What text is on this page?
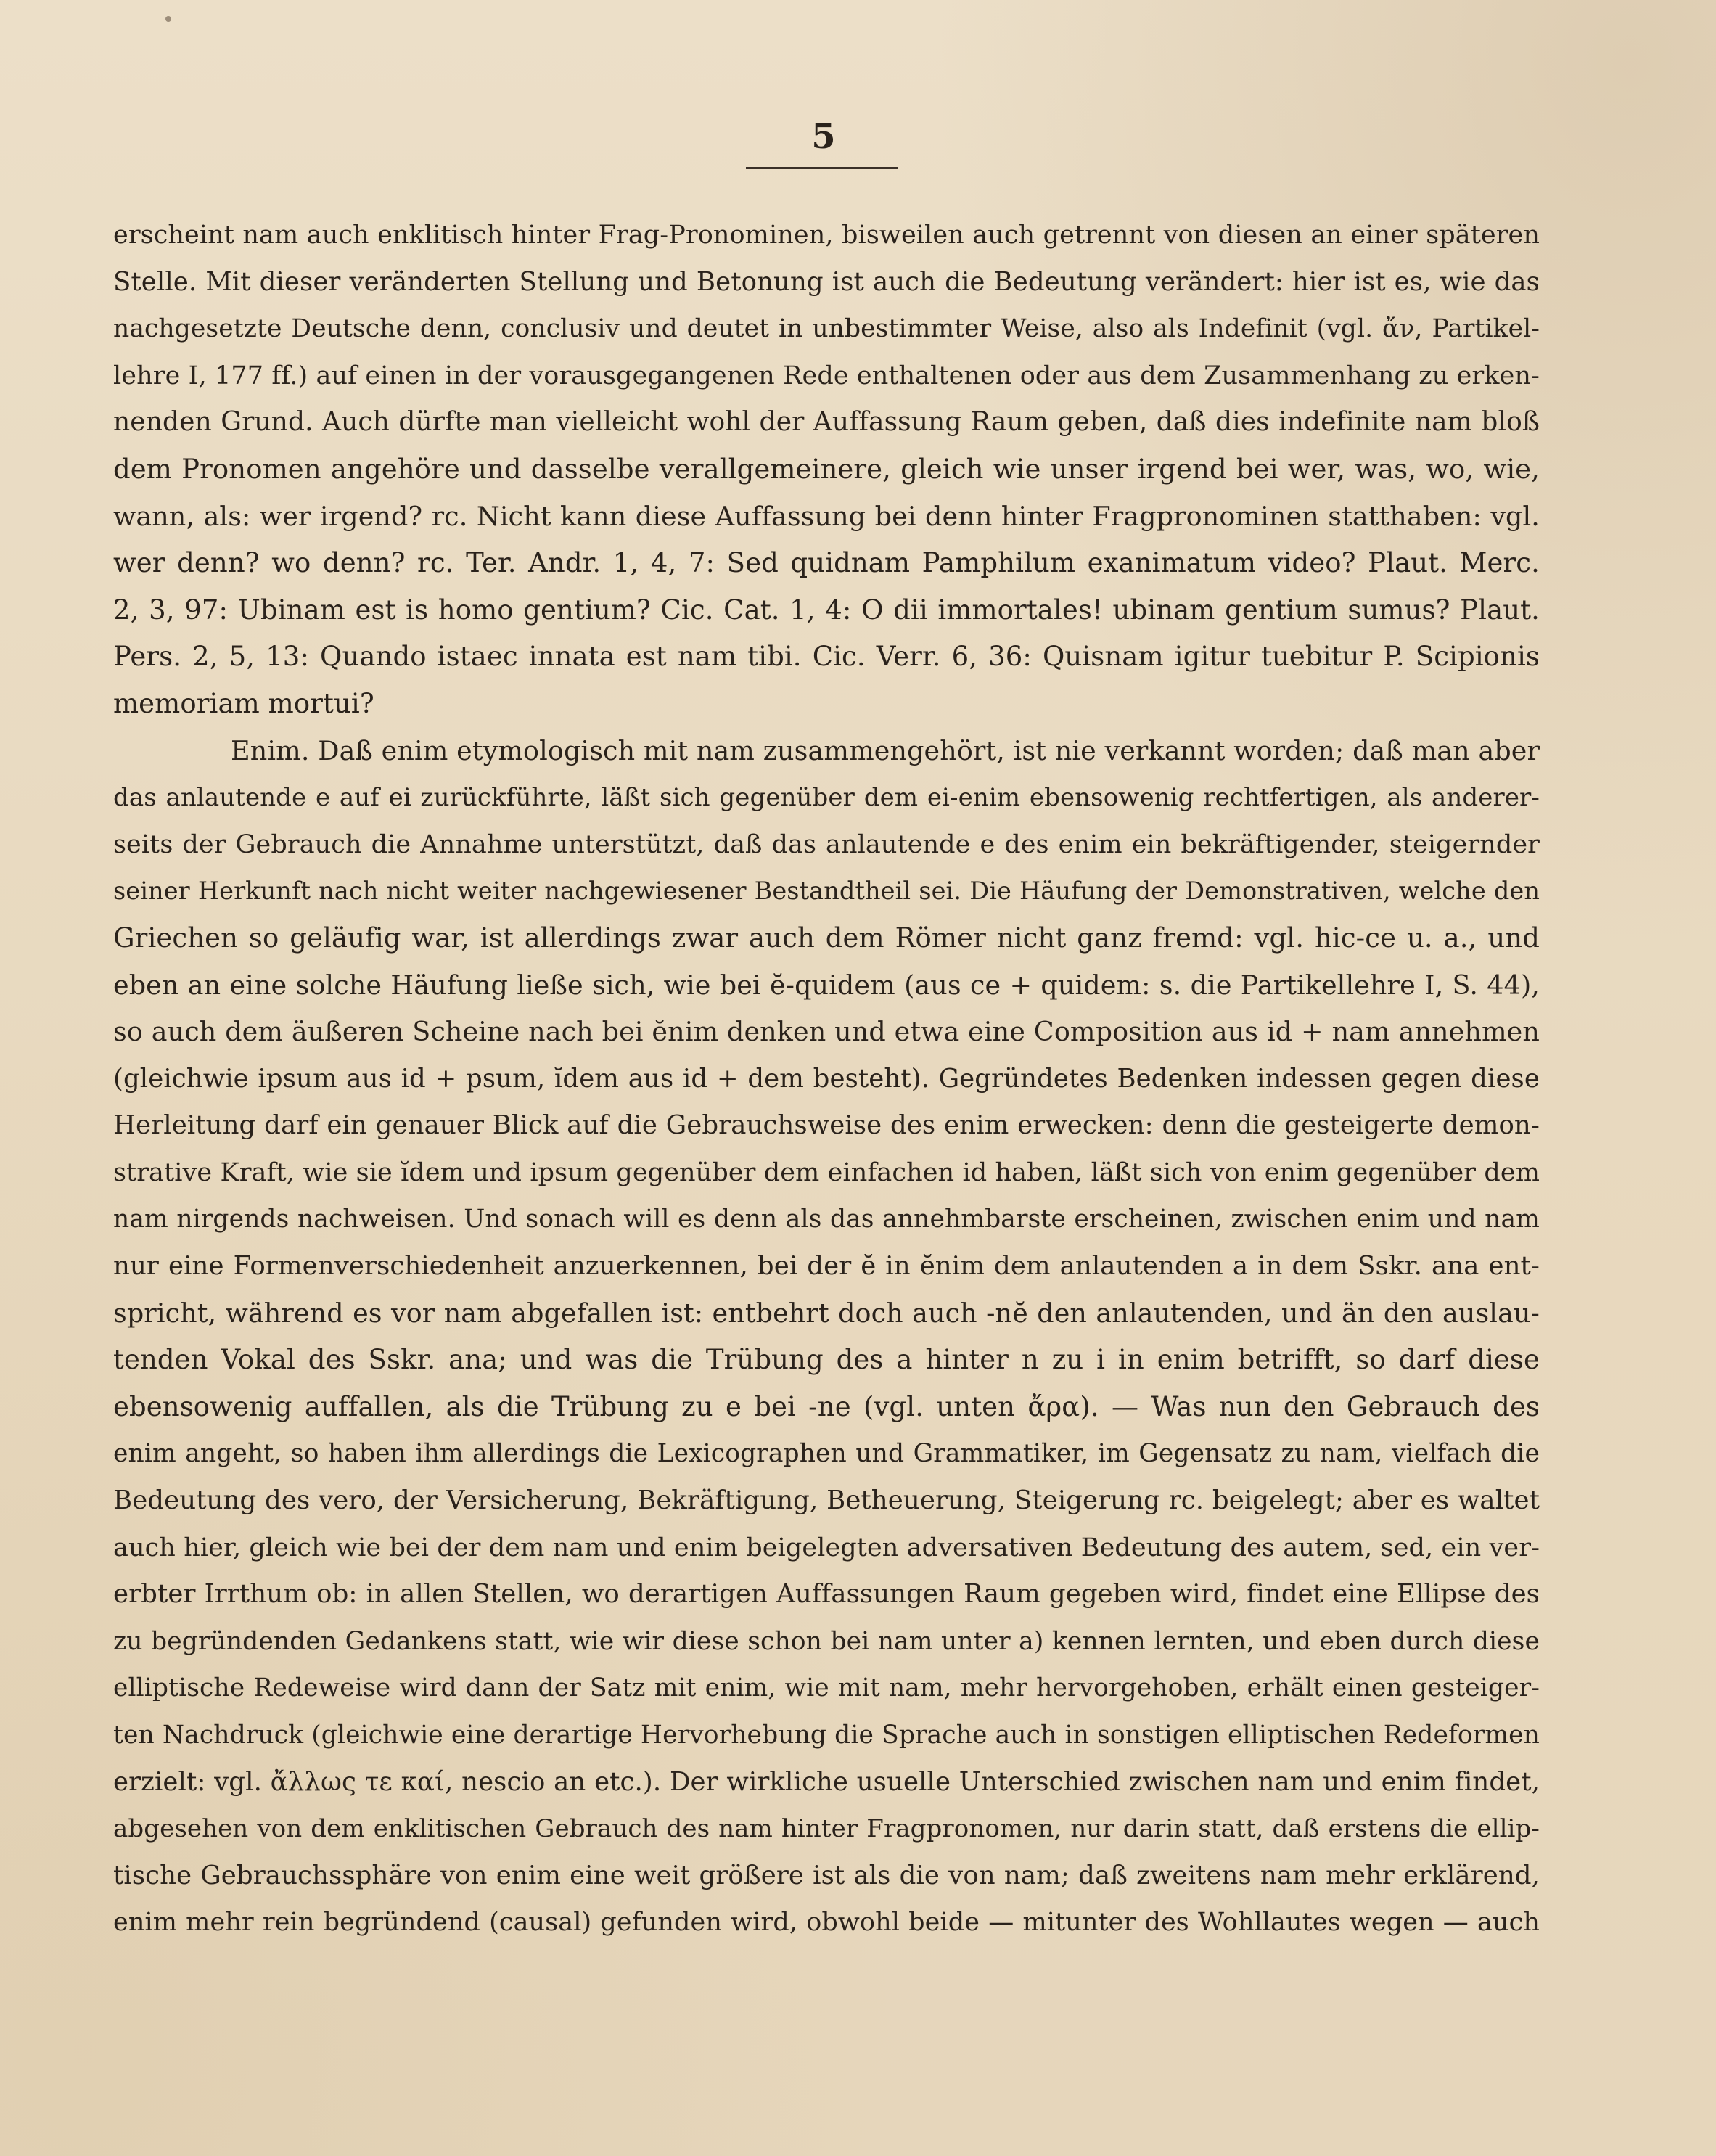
5
erscheint nam auch enklitisch hinter Frag-Pronominen, bisweilen auch getrennt von diesen an einer späteren
Stelle. Mit dieser veränderten Stellung und Betonung ist auch die Bedeutung verändert: hier ist es, wie das
nachgesetzte Deutsche denn, conclusiv und deutet in unbestimmter Weise, also als Indefinit (vgl. ἄν, Partikel-
lehre I, 177 ff.) auf einen in der vorausgegangenen Rede enthaltenen oder aus dem Zusammenhang zu erken-
nenden Grund. Auch dürfte man vielleicht wohl der Auffassung Raum geben, daß dies indefinite nam bloß
dem Pronomen angehöre und dasselbe verallgemeinere, gleich wie unser irgend bei wer, was, wo, wie,
wann, als: wer irgend? rc. Nicht kann diese Auffassung bei denn hinter Fragpronominen statthaben: vgl.
wer denn? wo denn? rc. Ter. Andr. 1, 4, 7: Sed quidnam Pamphilum exanimatum video? Plaut. Merc.
2, 3, 97: Ubinam est is homo gentium? Cic. Cat. 1, 4: O dii immortales! ubinam gentium sumus? Plaut.
Pers. 2, 5, 13: Quando istaec innata est nam tibi. Cic. Verr. 6, 36: Quisnam igitur tuebitur P. Scipionis
memoriam mortui?
Enim. Daß enim etymologisch mit nam zusammengehört, ist nie verkannt worden; daß man aber
das anlautende e auf ei zurückführte, läßt sich gegenüber dem ei-enim ebensowenig rechtfertigen, als anderer-
seits der Gebrauch die Annahme unterstützt, daß das anlautende e des enim ein bekräftigender, steigernder
seiner Herkunft nach nicht weiter nachgewiesener Bestandtheil sei. Die Häufung der Demonstrativen, welche den
Griechen so geläufig war, ist allerdings zwar auch dem Römer nicht ganz fremd: vgl. hic-ce u. a., und
eben an eine solche Häufung ließe sich, wie bei ĕ-quidem (aus ce + quidem: s. die Partikellehre I, S. 44),
so auch dem äußeren Scheine nach bei ĕnim denken und etwa eine Composition aus id + nam annehmen
(gleichwie ipsum aus id + psum, ĭdem aus id + dem besteht). Gegründetes Bedenken indessen gegen diese
Herleitung darf ein genauer Blick auf die Gebrauchsweise des enim erwecken: denn die gesteigerte demon-
strative Kraft, wie sie ĭdem und ipsum gegenüber dem einfachen id haben, läßt sich von enim gegenüber dem
nam nirgends nachweisen. Und sonach will es denn als das annehmbarste erscheinen, zwischen enim und nam
nur eine Formenverschiedenheit anzuerkennen, bei der ĕ in ĕnim dem anlautenden a in dem Sskr. ana ent-
spricht, während es vor nam abgefallen ist: entbehrt doch auch -nĕ den anlautenden, und än den auslau-
tenden Vokal des Sskr. ana; und was die Trübung des a hinter n zu i in enim betrifft, so darf diese
ebensowenig auffallen, als die Trübung zu e bei -ne (vgl. unten ἄρα). — Was nun den Gebrauch des
enim angeht, so haben ihm allerdings die Lexicographen und Grammatiker, im Gegensatz zu nam, vielfach die
Bedeutung des vero, der Versicherung, Bekräftigung, Betheuerung, Steigerung rc. beigelegt; aber es waltet
auch hier, gleich wie bei der dem nam und enim beigelegten adversativen Bedeutung des autem, sed, ein ver-
erbter Irrthum ob: in allen Stellen, wo derartigen Auffassungen Raum gegeben wird, findet eine Ellipse des
zu begründenden Gedankens statt, wie wir diese schon bei nam unter a) kennen lernten, und eben durch diese
elliptische Redeweise wird dann der Satz mit enim, wie mit nam, mehr hervorgehoben, erhält einen gesteiger-
ten Nachdruck (gleichwie eine derartige Hervorhebung die Sprache auch in sonstigen elliptischen Redeformen
erzielt: vgl. ἄλλως τε καί, nescio an etc.). Der wirkliche usuelle Unterschied zwischen nam und enim findet,
abgesehen von dem enklitischen Gebrauch des nam hinter Fragpronomen, nur darin statt, daß erstens die ellip-
tische Gebrauchssphäre von enim eine weit größere ist als die von nam; daß zweitens nam mehr erklärend,
enim mehr rein begründend (causal) gefunden wird, obwohl beide — mitunter des Wohllautes wegen — auch
